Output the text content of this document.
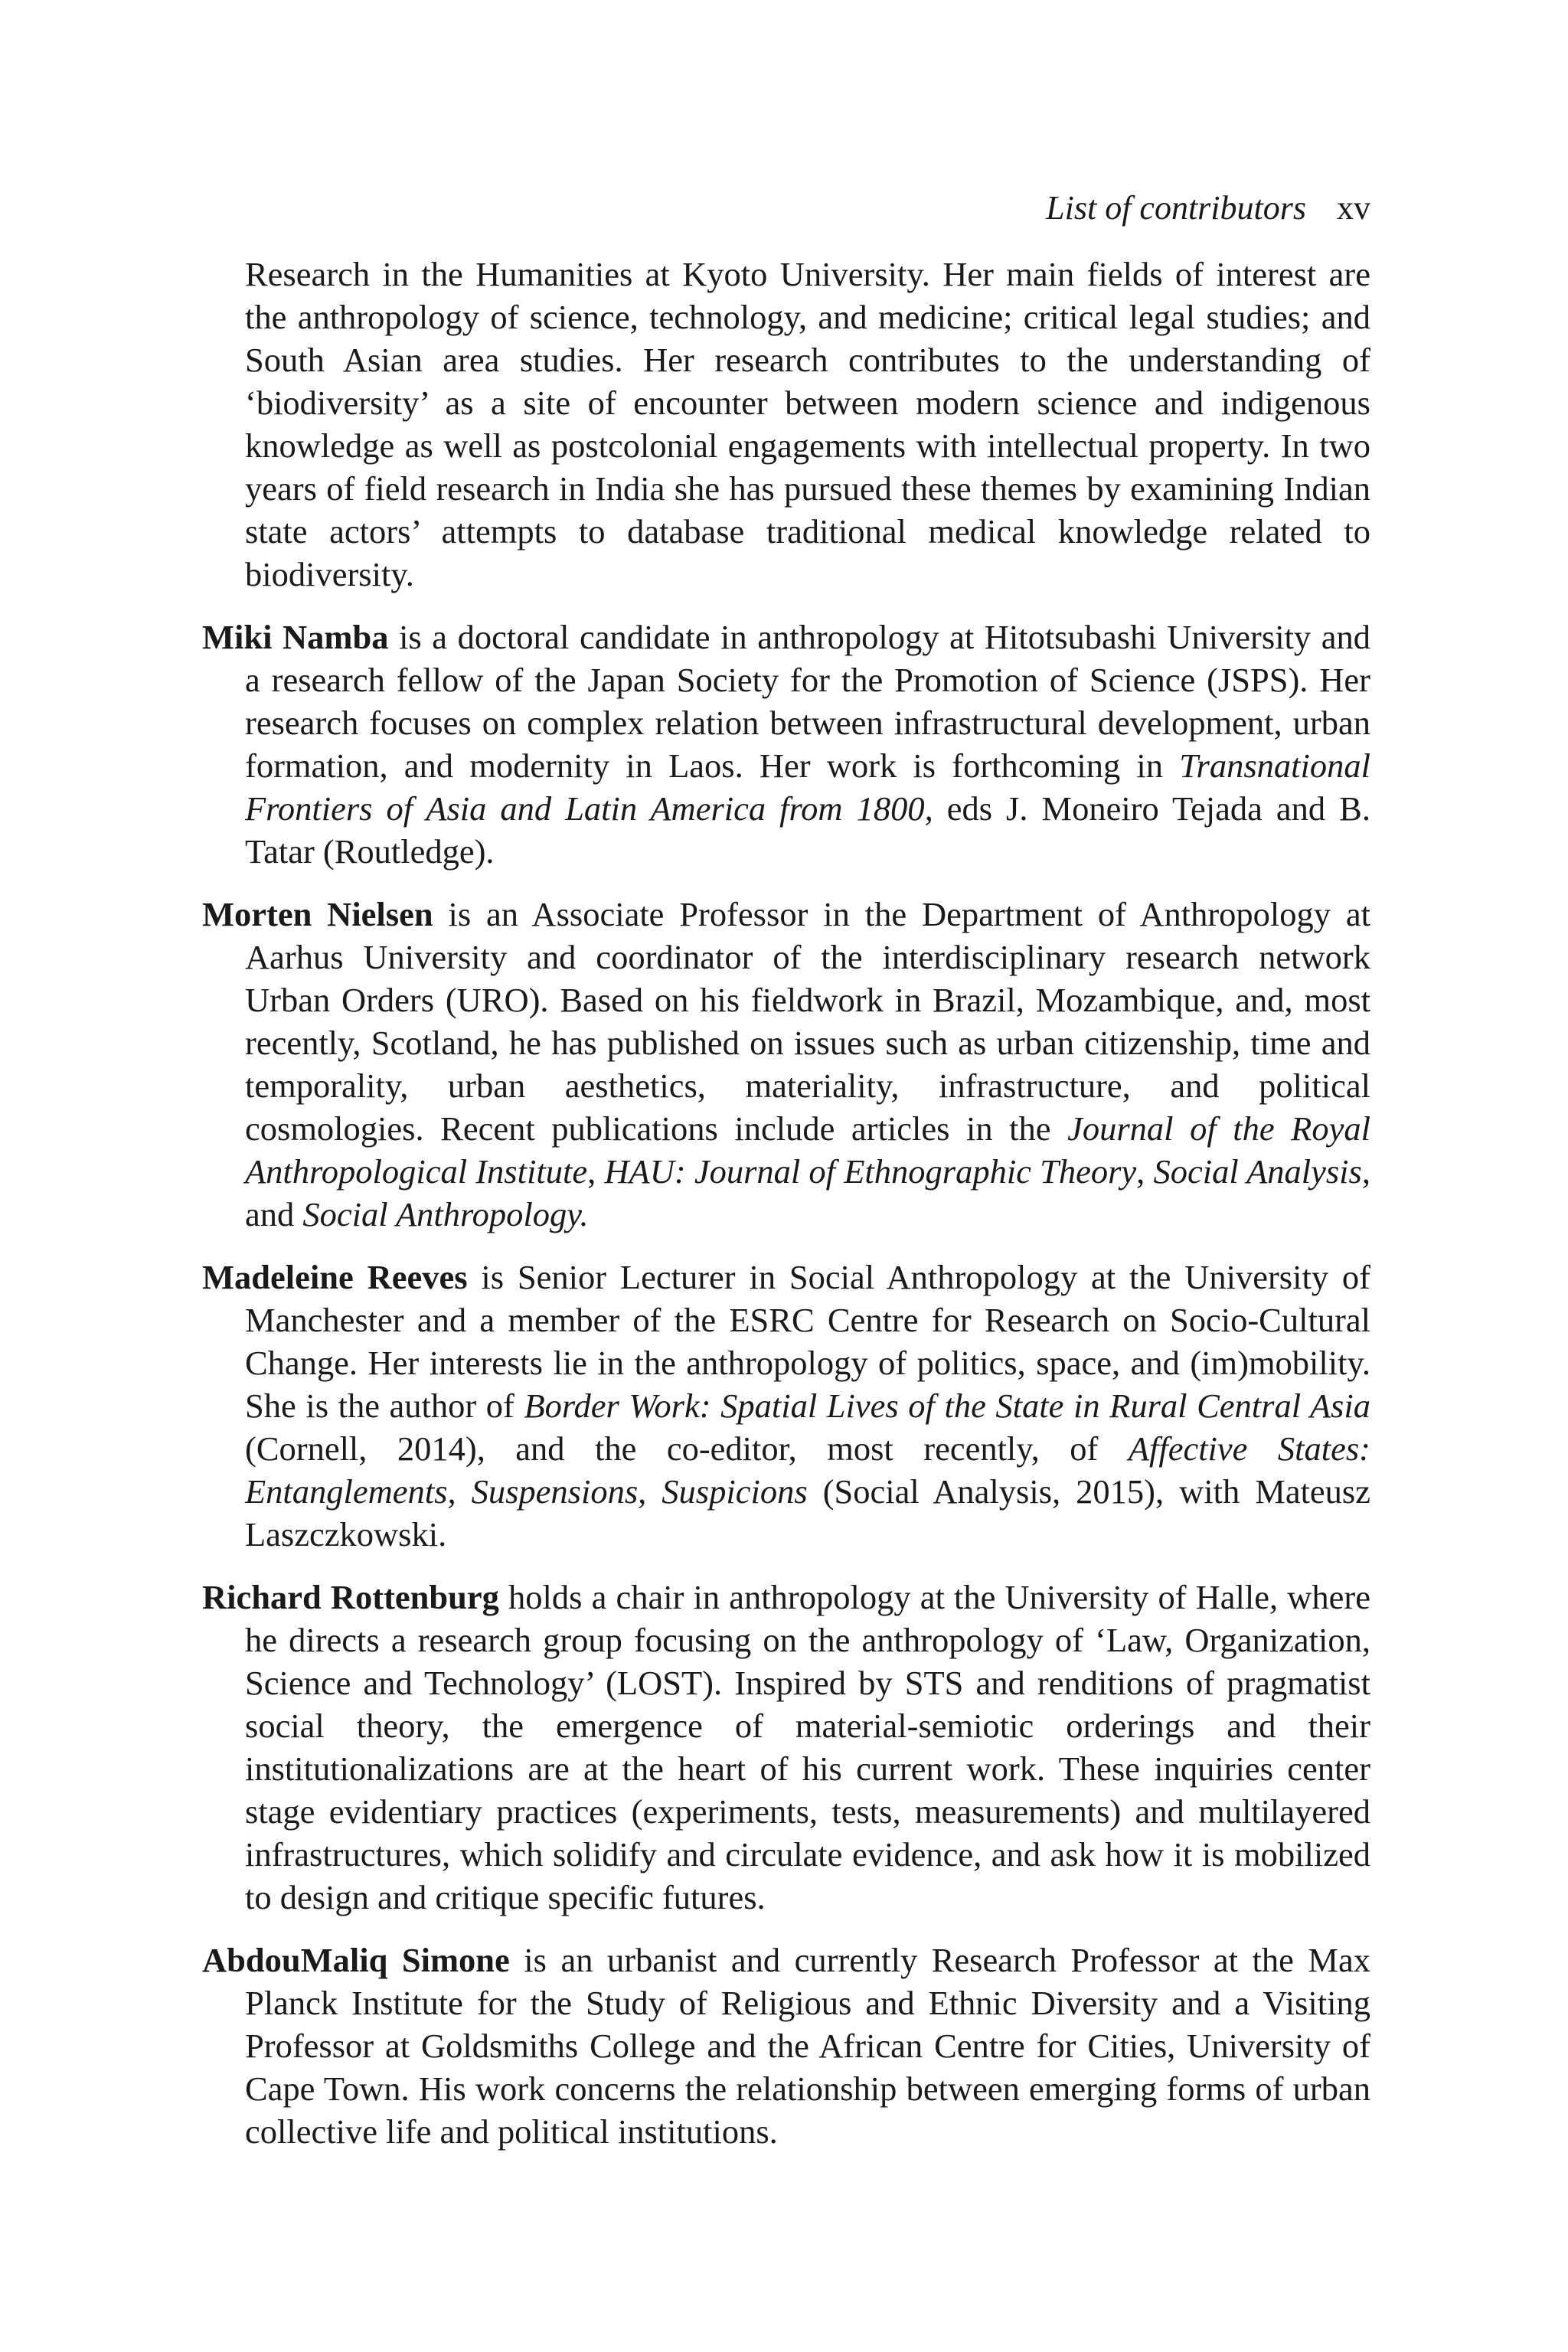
List of contributors xv

Research in the Humanities at Kyoto University. Her main fields of interest are the anthropology of science, technology, and medicine; critical legal studies; and South Asian area studies. Her research contributes to the understanding of ‘biodiversity’ as a site of encounter between modern science and indigenous knowledge as well as postcolonial engagements with intellectual property. In two years of field research in India she has pursued these themes by examining Indian state actors’ attempts to database traditional medical knowledge related to biodiversity.

Miki Namba is a doctoral candidate in anthropology at Hitotsubashi University and a research fellow of the Japan Society for the Promotion of Science (JSPS). Her research focuses on complex relation between infrastructural development, urban formation, and modernity in Laos. Her work is forthcoming in Transnational Frontiers of Asia and Latin America from 1800, eds J. Moneiro Tejada and B. Tatar (Routledge).

Morten Nielsen is an Associate Professor in the Department of Anthropology at Aarhus University and coordinator of the interdisciplinary research network Urban Orders (URO). Based on his fieldwork in Brazil, Mozambique, and, most recently, Scotland, he has published on issues such as urban citizenship, time and temporality, urban aesthetics, materiality, infrastructure, and political cosmologies. Recent publications include articles in the Journal of the Royal Anthropological Institute, HAU: Journal of Ethnographic Theory, Social Analysis, and Social Anthropology.

Madeleine Reeves is Senior Lecturer in Social Anthropology at the University of Manchester and a member of the ESRC Centre for Research on Socio-Cultural Change. Her interests lie in the anthropology of politics, space, and (im)mobility. She is the author of Border Work: Spatial Lives of the State in Rural Central Asia (Cornell, 2014), and the co-editor, most recently, of Affective States: Entanglements, Suspensions, Suspicions (Social Analysis, 2015), with Mateusz Laszczkowski.

Richard Rottenburg holds a chair in anthropology at the University of Halle, where he directs a research group focusing on the anthropology of ‘Law, Organization, Science and Technology’ (LOST). Inspired by STS and renditions of pragmatist social theory, the emergence of material-semiotic orderings and their institutionalizations are at the heart of his current work. These inquiries center stage evidentiary practices (experiments, tests, measurements) and multilayered infrastructures, which solidify and circulate evidence, and ask how it is mobilized to design and critique specific futures.

AbdouMaliq Simone is an urbanist and currently Research Professor at the Max Planck Institute for the Study of Religious and Ethnic Diversity and a Visiting Professor at Goldsmiths College and the African Centre for Cities, University of Cape Town. His work concerns the relationship between emerging forms of urban collective life and political institutions.
